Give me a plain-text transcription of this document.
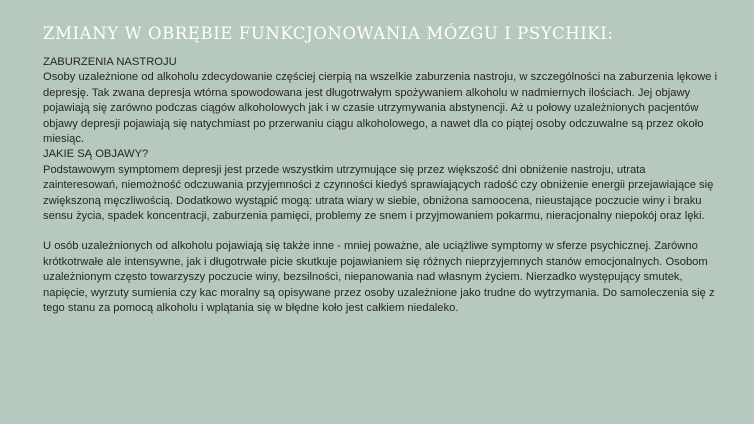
ZMIANY W OBRĘBIE FUNKCJONOWANIA MÓZGU I PSYCHIKI:

ZABURZENIA NASTROJU

Osoby uzależnione od alkoholu zdecydowanie częściej cierpią na wszelkie zaburzenia nastroju, w szczególności na zaburzenia lękowe i depresję. Tak zwana depresja wtórna spowodowana jest długotrwałym spożywaniem alkoholu w nadmiernych ilościach. Jej objawy pojawiają się zarówno podczas ciągów alkoholowych jak i w czasie utrzymywania abstynencji. Aż u połowy uzależnionych pacjentów objawy depresji pojawiają się natychmiast po przerwaniu ciągu alkoholowego, a nawet dla co piątej osoby odczuwalne są przez około miesiąc.

JAKIE SĄ OBJAWY?

Podstawowym symptomem depresji jest przede wszystkim utrzymujące się przez większość dni obniżenie nastroju, utrata zainteresowań, niemożność odczuwania przyjemności z czynności kiedyś sprawiających radość czy obniżenie energii przejawiające się zwiększoną męczliwością. Dodatkowo wystąpić mogą: utrata wiary w siebie, obniżona samoocena, nieustające poczucie winy i braku sensu życia, spadek koncentracji, zaburzenia pamięci, problemy ze snem i przyjmowaniem pokarmu, nieracjonalny niepokój oraz lęki.

U osób uzależnionych od alkoholu pojawiają się także inne - mniej poważne, ale uciążliwe symptomy w sferze psychicznej. Zarówno krótkotrwałe ale intensywne, jak i długotrwałe picie skutkuje pojawianiem się różnych nieprzyjemnych stanów emocjonalnych. Osobom uzależnionym często towarzyszy poczucie winy, bezsilności, niepanowania nad własnym życiem. Nierzadko występujący smutek, napięcie, wyrzuty sumienia czy kac moralny są opisywane przez osoby uzależnione jako trudne do wytrzymania. Do samoleczenia się z tego stanu za pomocą alkoholu i wplątania się w błędne koło jest całkiem niedaleko.
